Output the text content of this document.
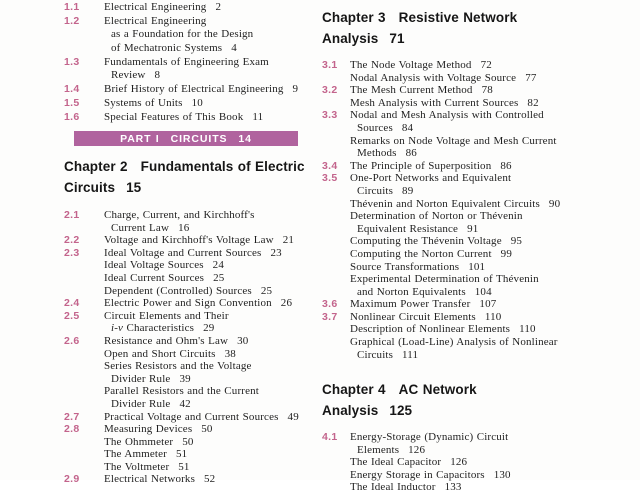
1.1 Electrical Engineering 2
1.2 Electrical Engineering
as a Foundation for the Design
of Mechatronic Systems 4
1.3 Fundamentals of Engineering Exam
Review 8
1.4 Brief History of Electrical Engineering 9
1.5 Systems of Units 10
1.6 Special Features of This Book 11
PART I CIRCUITS 14
Chapter 2 Fundamentals of Electric
Circuits 15
2.1 Charge, Current, and Kirchhoff's
Current Law 16
2.2 Voltage and Kirchhoff's Voltage Law 21
2.3 Ideal Voltage and Current Sources 23
Ideal Voltage Sources 24
Ideal Current Sources 25
Dependent (Controlled) Sources 25
2.4 Electric Power and Sign Convention 26
2.5 Circuit Elements and Their
i-v Characteristics 29
2.6 Resistance and Ohm's Law 30
Open and Short Circuits 38
Series Resistors and the Voltage
Divider Rule 39
Parallel Resistors and the Current
Divider Rule 42
2.7 Practical Voltage and Current Sources 49
2.8 Measuring Devices 50
The Ohmmeter 50
The Ammeter 51
The Voltmeter 51
2.9 Electrical Networks 52
Chapter 3 Resistive Network
Analysis 71
3.1 The Node Voltage Method 72
Nodal Analysis with Voltage Source 77
3.2 The Mesh Current Method 78
Mesh Analysis with Current Sources 82
3.3 Nodal and Mesh Analysis with Controlled
Sources 84
Remarks on Node Voltage and Mesh Current
Methods 86
3.4 The Principle of Superposition 86
3.5 One-Port Networks and Equivalent
Circuits 89
Thévenin and Norton Equivalent Circuits 90
Determination of Norton or Thévenin
Equivalent Resistance 91
Computing the Thévenin Voltage 95
Computing the Norton Current 99
Source Transformations 101
Experimental Determination of Thévenin
and Norton Equivalents 104
3.6 Maximum Power Transfer 107
3.7 Nonlinear Circuit Elements 110
Description of Nonlinear Elements 110
Graphical (Load-Line) Analysis of Nonlinear
Circuits 111
Chapter 4 AC Network
Analysis 125
4.1 Energy-Storage (Dynamic) Circuit
Elements 126
The Ideal Capacitor 126
Energy Storage in Capacitors 130
The Ideal Inductor 133
